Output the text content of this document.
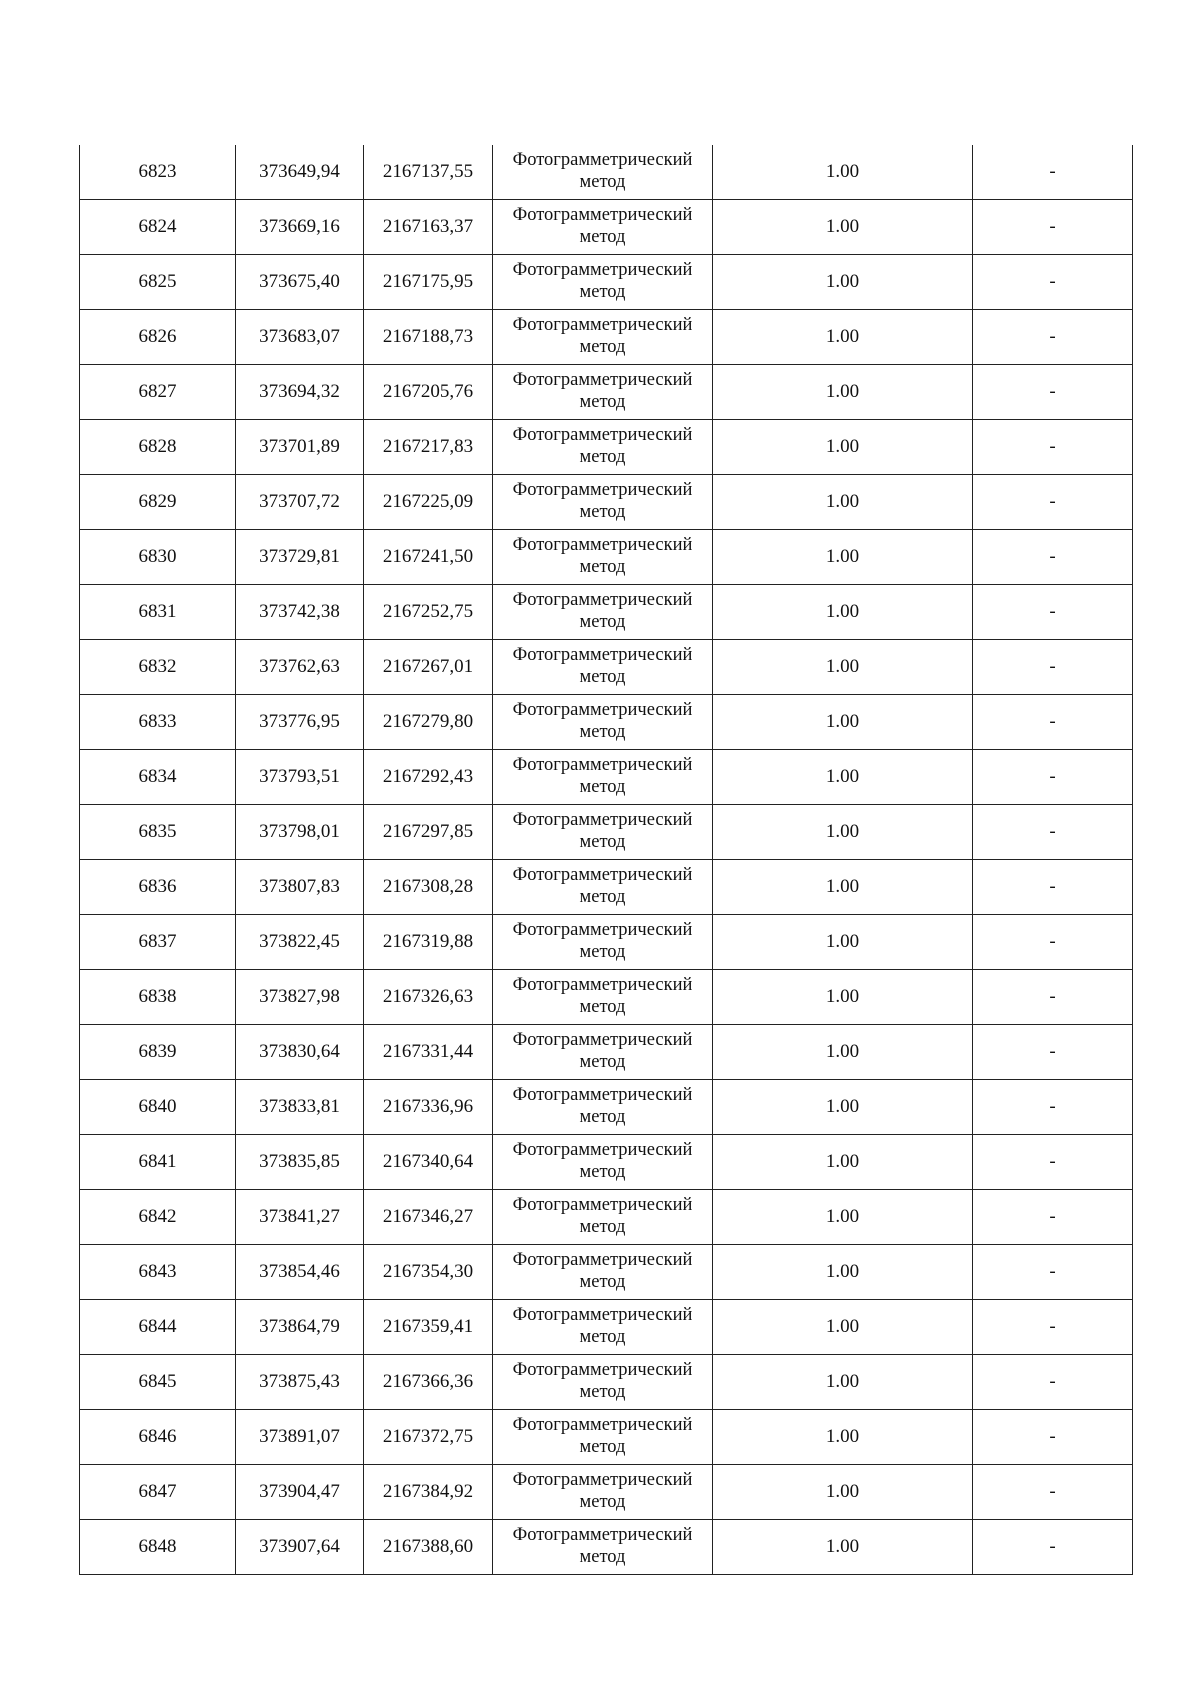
6823	373649,94	2167137,55	Фотограмметрический метод	1.00	-
6824	373669,16	2167163,37	Фотограмметрический метод	1.00	-
6825	373675,40	2167175,95	Фотограмметрический метод	1.00	-
6826	373683,07	2167188,73	Фотограмметрический метод	1.00	-
6827	373694,32	2167205,76	Фотограмметрический метод	1.00	-
6828	373701,89	2167217,83	Фотограмметрический метод	1.00	-
6829	373707,72	2167225,09	Фотограмметрический метод	1.00	-
6830	373729,81	2167241,50	Фотограмметрический метод	1.00	-
6831	373742,38	2167252,75	Фотограмметрический метод	1.00	-
6832	373762,63	2167267,01	Фотограмметрический метод	1.00	-
6833	373776,95	2167279,80	Фотограмметрический метод	1.00	-
6834	373793,51	2167292,43	Фотограмметрический метод	1.00	-
6835	373798,01	2167297,85	Фотограмметрический метод	1.00	-
6836	373807,83	2167308,28	Фотограмметрический метод	1.00	-
6837	373822,45	2167319,88	Фотограмметрический метод	1.00	-
6838	373827,98	2167326,63	Фотограмметрический метод	1.00	-
6839	373830,64	2167331,44	Фотограмметрический метод	1.00	-
6840	373833,81	2167336,96	Фотограмметрический метод	1.00	-
6841	373835,85	2167340,64	Фотограмметрический метод	1.00	-
6842	373841,27	2167346,27	Фотограмметрический метод	1.00	-
6843	373854,46	2167354,30	Фотограмметрический метод	1.00	-
6844	373864,79	2167359,41	Фотограмметрический метод	1.00	-
6845	373875,43	2167366,36	Фотограмметрический метод	1.00	-
6846	373891,07	2167372,75	Фотограмметрический метод	1.00	-
6847	373904,47	2167384,92	Фотограмметрический метод	1.00	-
6848	373907,64	2167388,60	Фотограмметрический метод	1.00	-
